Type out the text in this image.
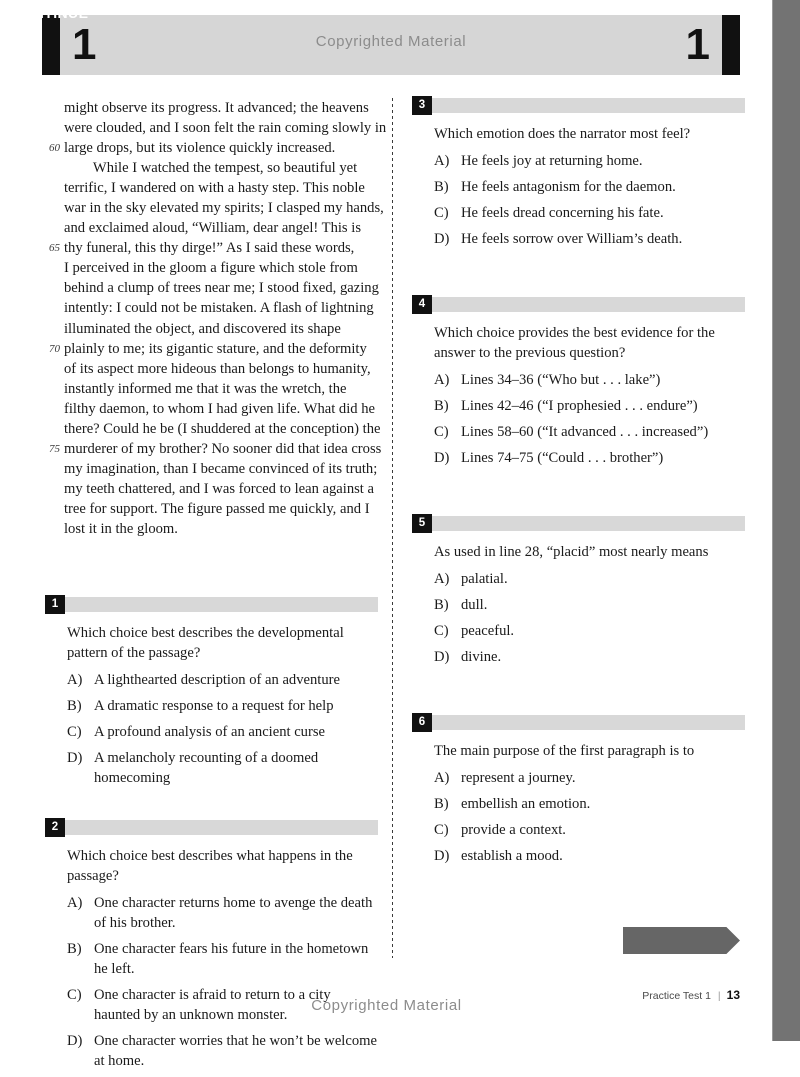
1	1
Copyrighted Material
60
65
70
75
might observe its progress. It advanced; the heavens
were clouded, and I soon felt the rain coming slowly in
large drops, but its violence quickly increased.
While I watched the tempest, so beautiful yet
terrific, I wandered on with a hasty step. This noble
war in the sky elevated my spirits; I clasped my hands,
and exclaimed aloud, “William, dear angel! This is
thy funeral, this thy dirge!” As I said these words,
I perceived in the gloom a figure which stole from
behind a clump of trees near me; I stood fixed, gazing
intently: I could not be mistaken. A flash of lightning
illuminated the object, and discovered its shape
plainly to me; its gigantic stature, and the deformity
of its aspect more hideous than belongs to humanity,
instantly informed me that it was the wretch, the
filthy daemon, to whom I had given life. What did he
there? Could he be (I shuddered at the conception) the
murderer of my brother? No sooner did that idea cross
my imagination, than I became convinced of its truth;
my teeth chattered, and I was forced to lean against a
tree for support. The figure passed me quickly, and I
lost it in the gloom.
1

Which choice best describes the developmental pattern of the passage?

A) A lighthearted description of an adventure
B) A dramatic response to a request for help
C) A profound analysis of an ancient curse
D) A melancholy recounting of a doomed homecoming
2

Which choice best describes what happens in the passage?

A) One character returns home to avenge the death of his brother.
B) One character fears his future in the hometown he left.
C) One character is afraid to return to a city haunted by an unknown monster.
D) One character worries that he won’t be welcome at home.
3

Which emotion does the narrator most feel?

A) He feels joy at returning home.
B) He feels antagonism for the daemon.
C) He feels dread concerning his fate.
D) He feels sorrow over William’s death.
4

Which choice provides the best evidence for the answer to the previous question?

A) Lines 34–36 (“Who but . . . lake”)
B) Lines 42–46 (“I prophesied . . . endure”)
C) Lines 58–60 (“It advanced . . . increased”)
D) Lines 74–75 (“Could . . . brother”)
5

As used in line 28, “placid” most nearly means

A) palatial.
B) dull.
C) peaceful.
D) divine.
6

The main purpose of the first paragraph is to

A) represent a journey.
B) embellish an emotion.
C) provide a context.
D) establish a mood.
CONTINUE
Copyrighted Material
Practice Test 1 | 13
